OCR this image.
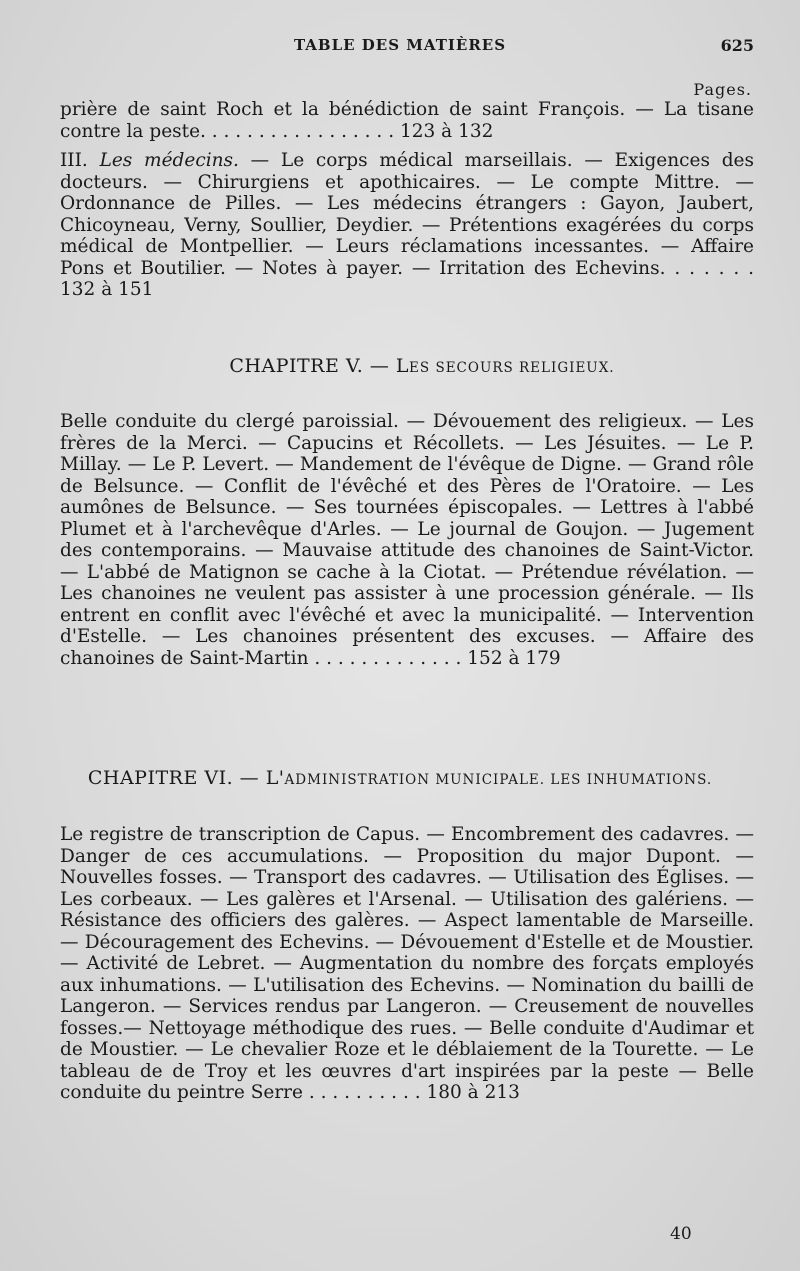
TABLE DES MATIÈRES	625
Pages.

prière de saint Roch et la bénédiction de saint François. — La tisane contre la peste. . . . . . . . . . . . . . . . . 123 à 132

III. Les médecins. — Le corps médical marseillais. — Exigences des docteurs. — Chirurgiens et apothicaires. — Le compte Mittre. — Ordonnance de Pilles. — Les médecins étrangers : Gayon, Jaubert, Chicoyneau, Verny, Soullier, Deydier. — Prétentions exagérées du corps médical de Montpellier. — Leurs réclamations incessantes. — Affaire Pons et Boutilier. — Notes à payer. — Irritation des Echevins. . . . . . . 132 à 151

CHAPITRE V. — LES SECOURS RELIGIEUX.

Belle conduite du clergé paroissial. — Dévouement des religieux. — Les frères de la Merci. — Capucins et Récollets. — Les Jésuites. — Le P. Millay. — Le P. Levert. — Mandement de l'évêque de Digne. — Grand rôle de Belsunce. — Conflit de l'évêché et des Pères de l'Oratoire. — Les aumônes de Belsunce. — Ses tournées épiscopales. — Lettres à l'abbé Plumet et à l'archevêque d'Arles. — Le journal de Goujon. — Jugement des contemporains. — Mauvaise attitude des chanoines de Saint-Victor. — L'abbé de Matignon se cache à la Ciotat. — Prétendue révélation. — Les chanoines ne veulent pas assister à une procession générale. — Ils entrent en conflit avec l'évêché et avec la municipalité. — Intervention d'Estelle. — Les chanoines présentent des excuses. — Affaire des chanoines de Saint-Martin . . . . . . . . . . . . . 152 à 179

CHAPITRE VI. — L'ADMINISTRATION MUNICIPALE. LES INHUMATIONS.

Le registre de transcription de Capus. — Encombrement des cadavres. — Danger de ces accumulations. — Proposition du major Dupont. — Nouvelles fosses. — Transport des cadavres. — Utilisation des Églises. — Les corbeaux. — Les galères et l'Arsenal. — Utilisation des galériens. — Résistance des officiers des galères. — Aspect lamentable de Marseille. — Découragement des Echevins. — Dévouement d'Estelle et de Moustier. — Activité de Lebret. — Augmentation du nombre des forçats employés aux inhumations. — L'utilisation des Echevins. — Nomination du bailli de Langeron. — Services rendus par Langeron. — Creusement de nouvelles fosses.— Nettoyage méthodique des rues. — Belle conduite d'Audimar et de Moustier. — Le chevalier Roze et le déblaiement de la Tourette. — Le tableau de de Troy et les œuvres d'art inspirées par la peste — Belle conduite du peintre Serre . . . . . . . . . . 180 à 213

40
